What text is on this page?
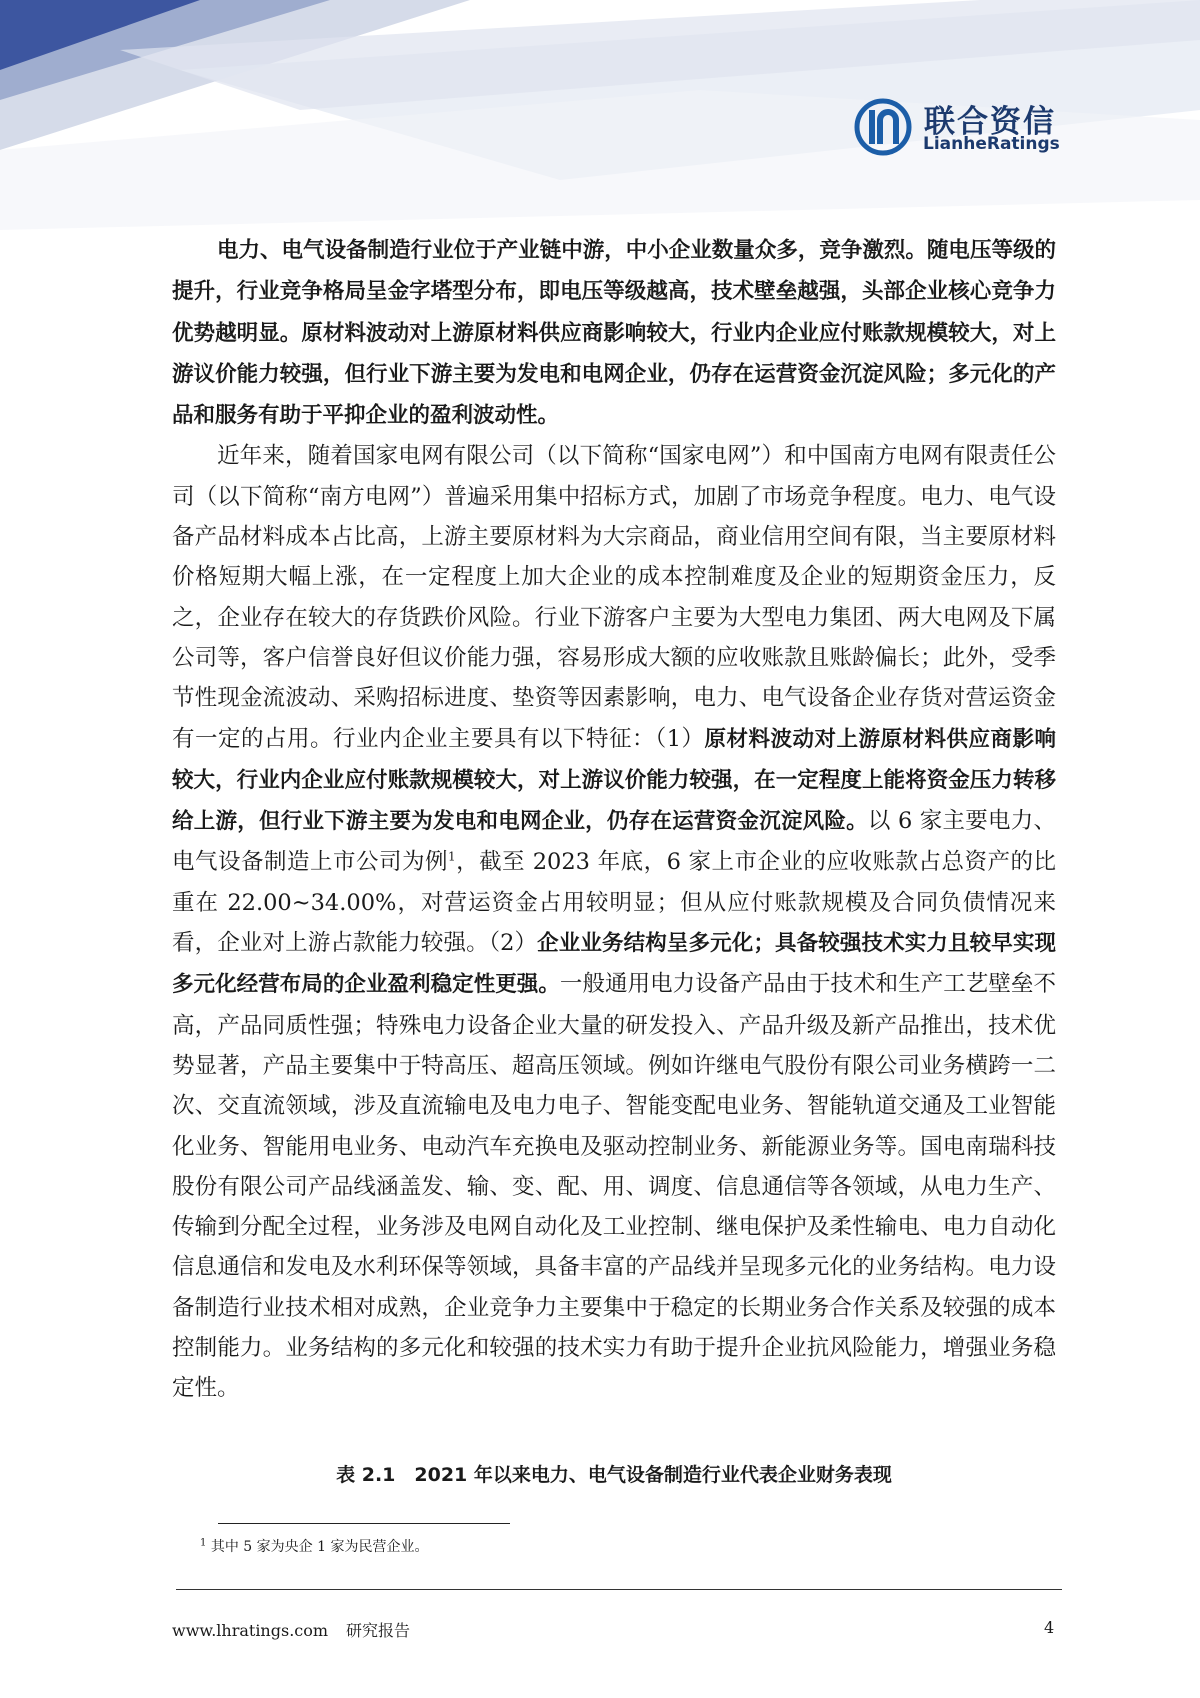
联合资信
LianheRatings

电力、电气设备制造行业位于产业链中游，中小企业数量众多，竞争激烈。随电压等级的提升，行业竞争格局呈金字塔型分布，即电压等级越高，技术壁垒越强，头部企业核心竞争力优势越明显。原材料波动对上游原材料供应商影响较大，行业内企业应付账款规模较大，对上游议价能力较强，但行业下游主要为发电和电网企业，仍存在运营资金沉淀风险；多元化的产品和服务有助于平抑企业的盈利波动性。

近年来，随着国家电网有限公司（以下简称“国家电网”）和中国南方电网有限责任公司（以下简称“南方电网”）普遍采用集中招标方式，加剧了市场竞争程度。电力、电气设备产品材料成本占比高，上游主要原材料为大宗商品，商业信用空间有限，当主要原材料价格短期大幅上涨，在一定程度上加大企业的成本控制难度及企业的短期资金压力，反之，企业存在较大的存货跌价风险。行业下游客户主要为大型电力集团、两大电网及下属公司等，客户信誉良好但议价能力强，容易形成大额的应收账款且账龄偏长；此外，受季节性现金流波动、采购招标进度、垫资等因素影响，电力、电气设备企业存货对营运资金有一定的占用。行业内企业主要具有以下特征：（1）原材料波动对上游原材料供应商影响较大，行业内企业应付账款规模较大，对上游议价能力较强，在一定程度上能将资金压力转移给上游，但行业下游主要为发电和电网企业，仍存在运营资金沉淀风险。以 6 家主要电力、电气设备制造上市公司为例$^1$，截至 2023 年底，6 家上市企业的应收账款占总资产的比重在 22.00~34.00%，对营运资金占用较明显；但从应付账款规模及合同负债情况来看，企业对上游占款能力较强。（2）企业业务结构呈多元化；具备较强技术实力且较早实现多元化经营布局的企业盈利稳定性更强。一般通用电力设备产品由于技术和生产工艺壁垒不高，产品同质性强；特殊电力设备企业大量的研发投入、产品升级及新产品推出，技术优势显著，产品主要集中于特高压、超高压领域。例如许继电气股份有限公司业务横跨一二次、交直流领域，涉及直流输电及电力电子、智能变配电业务、智能轨道交通及工业智能化业务、智能用电业务、电动汽车充换电及驱动控制业务、新能源业务等。国电南瑞科技股份有限公司产品线涵盖发、输、变、配、用、调度、信息通信等各领域，从电力生产、传输到分配全过程，业务涉及电网自动化及工业控制、继电保护及柔性输电、电力自动化信息通信和发电及水利环保等领域，具备丰富的产品线并呈现多元化的业务结构。电力设备制造行业技术相对成熟，企业竞争力主要集中于稳定的长期业务合作关系及较强的成本控制能力。业务结构的多元化和较强的技术实力有助于提升企业抗风险能力，增强业务稳定性。

表 2.1　2021 年以来电力、电气设备制造行业代表企业财务表现
$^1$ 其中 5 家为央企 1 家为民营企业。
www.lhratings.com 研究报告	4
